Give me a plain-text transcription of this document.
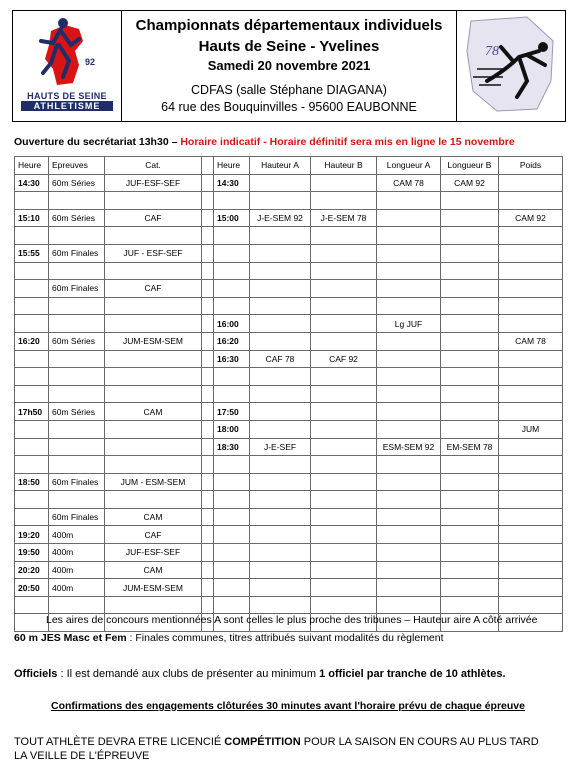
92
HAUTS DE SEINE
ATHLETISME
Championnats départementaux individuels
Hauts de Seine - Yvelines
Samedi 20 novembre 2021
CDFAS (salle Stéphane DIAGANA)
64 rue des Bouquinvilles - 95600 EAUBONNE
78
Ouverture du secrétariat 13h30 – Horaire indicatif - Horaire définitif sera mis en ligne le 15 novembre
Heure	Epreuves	Cat.		Heure	Hauteur A	Hauteur B	Longueur A	Longueur B	Poids
14:30	60m Séries	JUF-ESF-SEF		14:30			CAM 78	CAM 92	

15:10	60m Séries	CAF		15:00	J-E-SEM 92	J-E-SEM 78			CAM 92

15:55	60m Finales	JUF - ESF-SEF							

	60m Finales	CAF							

				16:00			Lg JUF		
16:20	60m Séries	JUM-ESM-SEM		16:20					CAM 78
				16:30	CAF 78	CAF 92			

17h50	60m Séries	CAM		17:50					
				18:00					JUM
				18:30	J-E-SEF		ESM-SEM 92	EM-SEM 78	

18:50	60m Finales	JUM - ESM-SEM							

	60m Finales	CAM							
19:20	400m	CAF							
19:50	400m	JUF-ESF-SEF							
20:20	400m	CAM							
20:50	400m	JUM-ESM-SEM							

Les aires de concours mentionnées A sont celles le plus proche des tribunes – Hauteur aire A côté arrivée
60 m JES Masc et Fem : Finales communes, titres attribués suivant modalités du règlement
Officiels : Il est demandé aux clubs de présenter au minimum 1 officiel par tranche de 10 athlètes.
Confirmations des engagements clôturées 30 minutes avant l'horaire prévu de chaque épreuve
TOUT ATHLÈTE DEVRA ETRE LICENCIÉ COMPÉTITION POUR LA SAISON EN COURS AU PLUS TARD LA VEILLE DE L'ÉPREUVE
